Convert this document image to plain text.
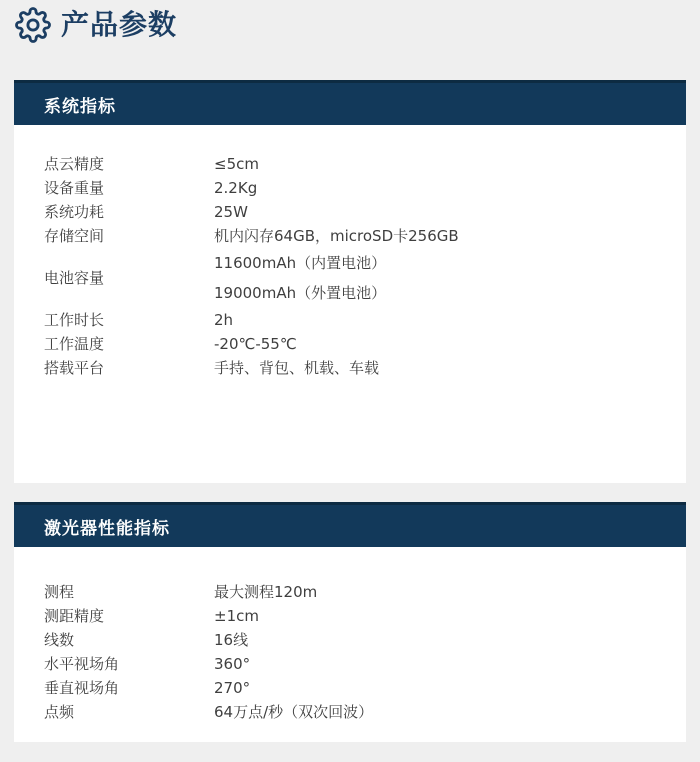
产品参数
系统指标
点云精度	≤5cm
设备重量	2.2Kg
系统功耗	25W
存储空间	机内闪存64GB，microSD卡256GB
电池容量
11600mAh（内置电池）
19000mAh（外置电池）
工作时长	2h
工作温度	-20℃-55℃
搭载平台	手持、背包、机载、车载
激光器性能指标
测程	最大测程120m
测距精度	±1cm
线数	16线
水平视场角	360°
垂直视场角	270°
点频	64万点/秒（双次回波）
